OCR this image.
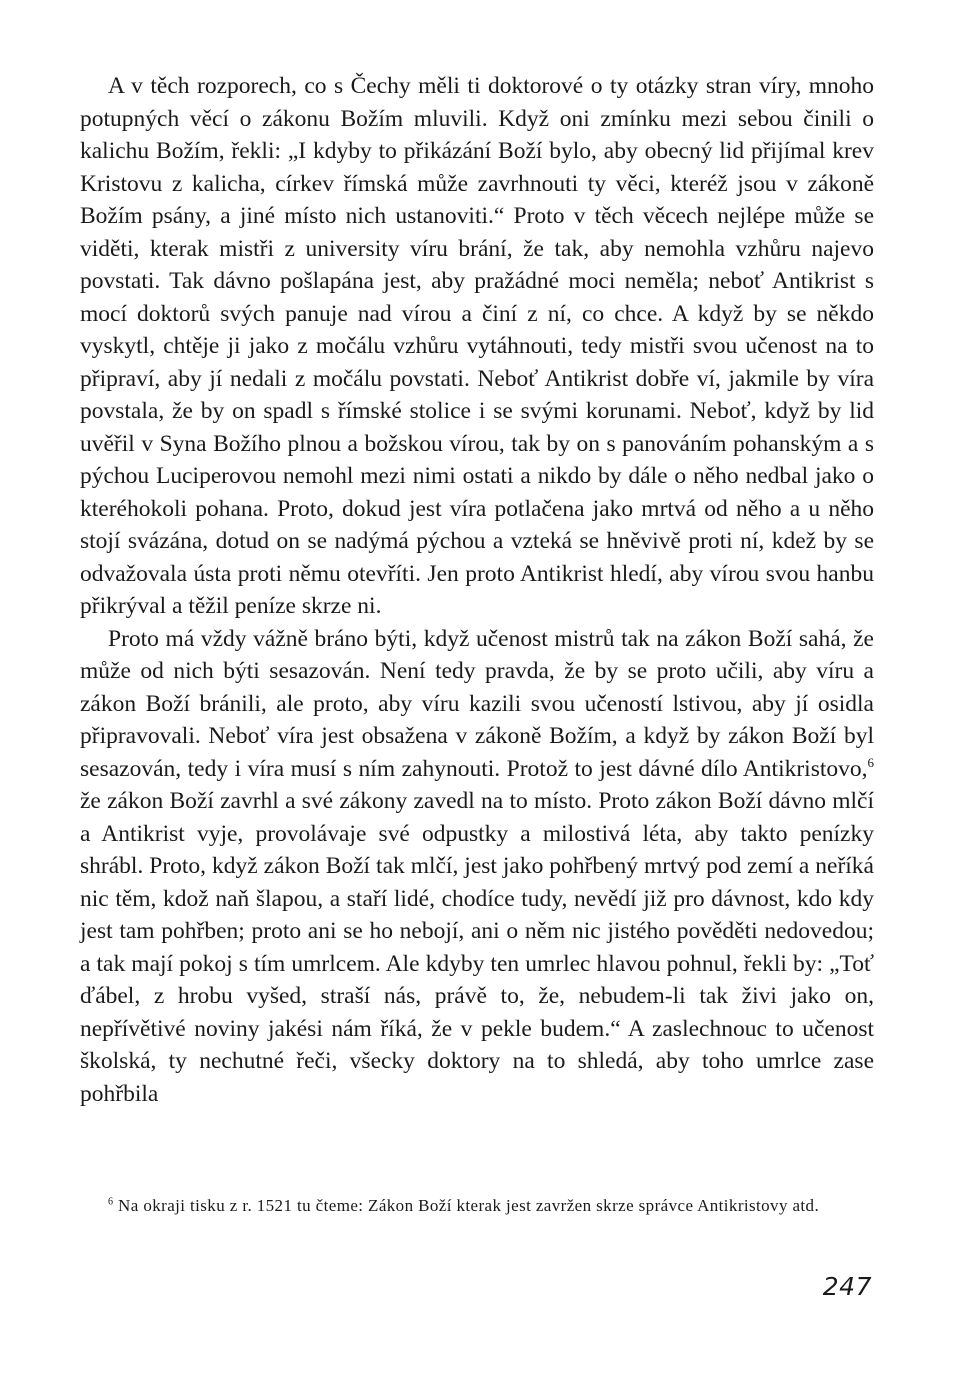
A v těch rozporech, co s Čechy měli ti doktorové o ty otázky stran víry, mnoho potupných věcí o zákonu Božím mluvili. Když oni zmínku mezi sebou činili o kalichu Božím, řekli: „I kdyby to přikázání Boží bylo, aby obecný lid přijímal krev Kristovu z kalicha, církev římská může zavrhnouti ty věci, kteréž jsou v zákoně Božím psány, a jiné místo nich ustanoviti.“ Proto v těch věcech nejlépe může se viděti, kterak mistři z university víru brání, že tak, aby nemohla vzhůru najevo povstati. Tak dávno pošlapána jest, aby pražádné moci neměla; neboť Antikrist s mocí doktorů svých panuje nad vírou a činí z ní, co chce. A když by se někdo vyskytl, chtěje ji jako z močálu vzhůru vytáhnouti, tedy mistři svou učenost na to připraví, aby jí nedali z močálu povstati. Neboť Antikrist dobře ví, jakmile by víra povstala, že by on spadl s římské stolice i se svými korunami. Neboť, když by lid uvěřil v Syna Božího plnou a božskou vírou, tak by on s panováním pohanským a s pýchou Luciperovou nemohl mezi nimi ostati a nikdo by dále o něho nedbal jako o kteréhokoli pohana. Proto, dokud jest víra potlačena jako mrtvá od něho a u něho stojí svázána, dotud on se nadýmá pýchou a vzteká se hněvivě proti ní, kdež by se odvažovala ústa proti němu otevříti. Jen proto Antikrist hledí, aby vírou svou hanbu přikrýval a těžil peníze skrze ni.

Proto má vždy vážně bráno býti, když učenost mistrů tak na zákon Boží sahá, že může od nich býti sesazován. Není tedy pravda, že by se proto učili, aby víru a zákon Boží bránili, ale proto, aby víru kazili svou učeností lstivou, aby jí osidla připravovali. Neboť víra jest obsažena v zákoně Božím, a když by zákon Boží byl sesazován, tedy i víra musí s ním zahynouti. Protož to jest dávné dílo Antikristovo,$^6$ že zákon Boží zavrhl a své zákony zavedl na to místo. Proto zákon Boží dávno mlčí a Antikrist vyje, provolávaje své odpustky a milostivá léta, aby takto penízky shrábl. Proto, když zákon Boží tak mlčí, jest jako pohřbený mrtvý pod zemí a neříká nic těm, kdož naň šlapou, a staří lidé, chodíce tudy, nevědí již pro dávnost, kdo kdy jest tam pohřben; proto ani se ho nebojí, ani o něm nic jistého pověděti nedovedou; a tak mají pokoj s tím umrlcem. Ale kdyby ten umrlec hlavou pohnul, řekli by: „Toť ďábel, z hrobu vyšed, straší nás, právě to, že, nebudem-li tak živi jako on, nepřívětivé noviny jakési nám říká, že v pekle budem.“ A zaslechnouc to učenost školská, ty nechutné řeči, všecky doktory na to shledá, aby toho umrlce zase pohřbila

$^6$ Na okraji tisku z r. 1521 tu čteme: Zákon Boží kterak jest zavržen skrze správce Antikristovy atd.

247
